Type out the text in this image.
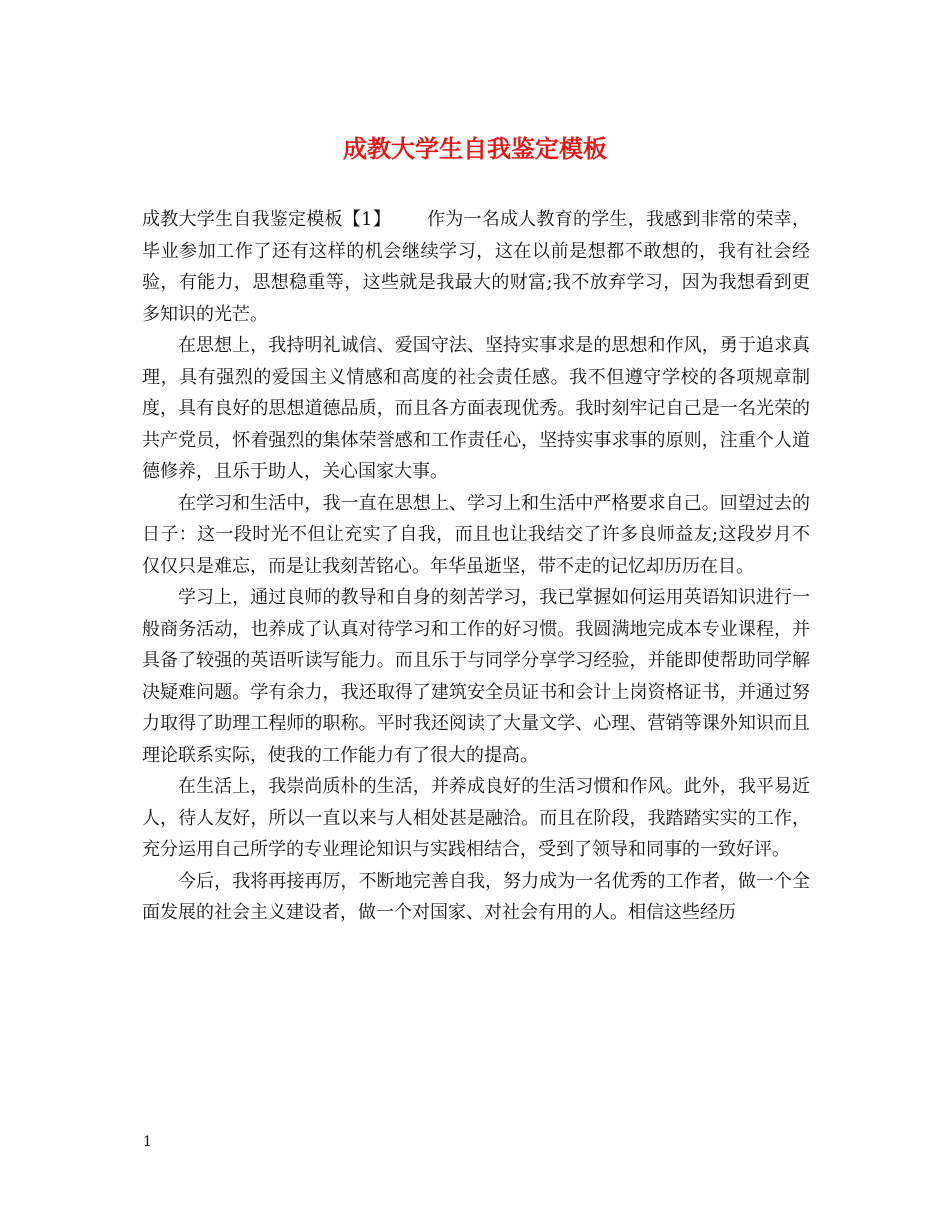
成教大学生自我鉴定模板

成教大学生自我鉴定模板【1】 作为一名成人教育的学生，我感到非常的荣幸，毕业参加工作了还有这样的机会继续学习，这在以前是想都不敢想的，我有社会经验，有能力，思想稳重等，这些就是我最大的财富;我不放弃学习，因为我想看到更多知识的光芒。

在思想上，我持明礼诚信、爱国守法、坚持实事求是的思想和作风，勇于追求真理，具有强烈的爱国主义情感和高度的社会责任感。我不但遵守学校的各项规章制度，具有良好的思想道德品质，而且各方面表现优秀。我时刻牢记自己是一名光荣的共产党员，怀着强烈的集体荣誉感和工作责任心，坚持实事求事的原则，注重个人道德修养，且乐于助人，关心国家大事。

在学习和生活中，我一直在思想上、学习上和生活中严格要求自己。回望过去的日子：这一段时光不但让充实了自我，而且也让我结交了许多良师益友;这段岁月不仅仅只是难忘，而是让我刻苦铭心。年华虽逝坚，带不走的记忆却历历在目。

学习上，通过良师的教导和自身的刻苦学习，我已掌握如何运用英语知识进行一般商务活动，也养成了认真对待学习和工作的好习惯。我圆满地完成本专业课程，并具备了较强的英语听读写能力。而且乐于与同学分享学习经验，并能即使帮助同学解决疑难问题。学有余力，我还取得了建筑安全员证书和会计上岗资格证书，并通过努力取得了助理工程师的职称。平时我还阅读了大量文学、心理、营销等课外知识而且理论联系实际，使我的工作能力有了很大的提高。

在生活上，我崇尚质朴的生活，并养成良好的生活习惯和作风。此外，我平易近人，待人友好，所以一直以来与人相处甚是融洽。而且在阶段，我踏踏实实的工作，充分运用自己所学的专业理论知识与实践相结合，受到了领导和同事的一致好评。

今后，我将再接再厉，不断地完善自我，努力成为一名优秀的工作者，做一个全面发展的社会主义建设者，做一个对国家、对社会有用的人。相信这些经历

1
